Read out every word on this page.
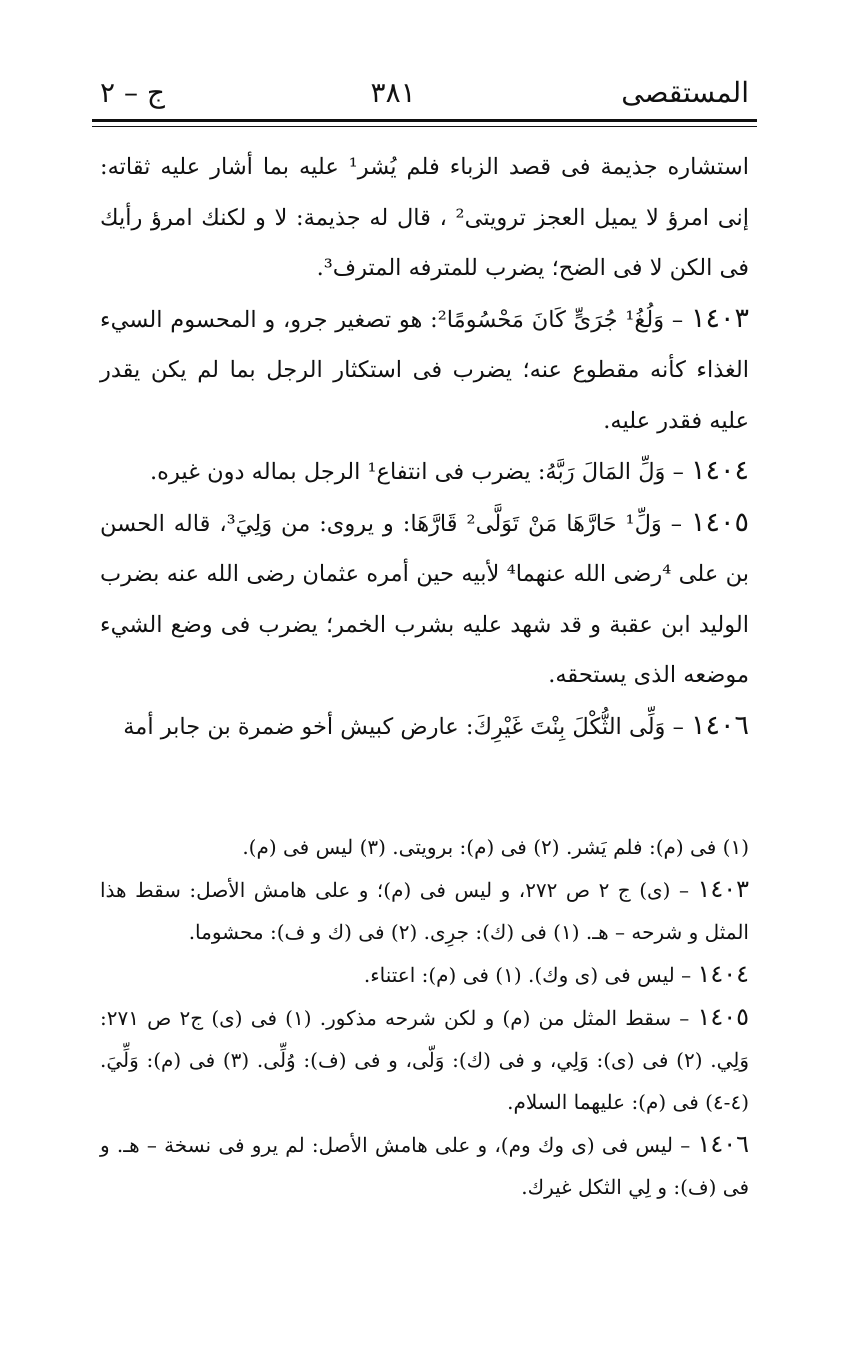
المستقصى
٣٨١
ج – ٢

استشاره جذيمة فى قصد الزباء فلم يُشر¹ عليه بما أشار عليه ثقاته: إنى امرؤ لا يميل العجز ترويتى² ، قال له جذيمة: لا و لكنك امرؤ رأيك فى الكن لا فى الضح؛ يضرب للمترفه المترف³.

١٤٠٣ – وَلُغُ¹ جُرَىٍّ كَانَ مَحْسُومًا²: هو تصغير جرو، و المحسوم السيء الغذاء كأنه مقطوع عنه؛ يضرب فى استكثار الرجل بما لم يكن يقدر عليه فقدر عليه.

١٤٠٤ – وَلِّ المَالَ رَبَّهُ: يضرب فى انتفاع¹ الرجل بماله دون غيره.

١٤٠٥ – وَلِّ¹ حَارَّهَا مَنْ تَوَلَّى² قَارَّهَا: و يروى: من وَلِيَ³، قاله الحسن بن على ⁴رضى الله عنهما⁴ لأبيه حين أمره عثمان رضى الله عنه بضرب الوليد ابن عقبة و قد شهد عليه بشرب الخمر؛ يضرب فى وضع الشيء موضعه الذى يستحقه.

١٤٠٦ – وَلِّى الثُّكْلَ بِنْتَ غَيْرِكَ: عارض كبيش أخو ضمرة بن جابر أمة

(١) فى (م): فلم يَشر. (٢) فى (م): برويتى. (٣) ليس فى (م).

١٤٠٣ – (ى) ج ٢ ص ٢٧٢، و ليس فى (م)؛ و على هامش الأصل: سقط هذا المثل و شرحه – هـ. (١) فى (ك): جرِى. (٢) فى (ك و ف): محشوما.

١٤٠٤ – ليس فى (ى وك). (١) فى (م): اعتناء.

١٤٠٥ – سقط المثل من (م) و لكن شرحه مذكور. (١) فى (ى) ج٢ ص ٢٧١: وَلِي. (٢) فى (ى): وَلِي، و فى (ك): وَلّى، و فى (ف): وُلِّى. (٣) فى (م): وَلِّيَ. (٤-٤) فى (م): عليهما السلام.

١٤٠٦ – ليس فى (ى وك وم)، و على هامش الأصل: لم يرو فى نسخة – هـ. و فى (ف): و لِي الثكل غيرك.
